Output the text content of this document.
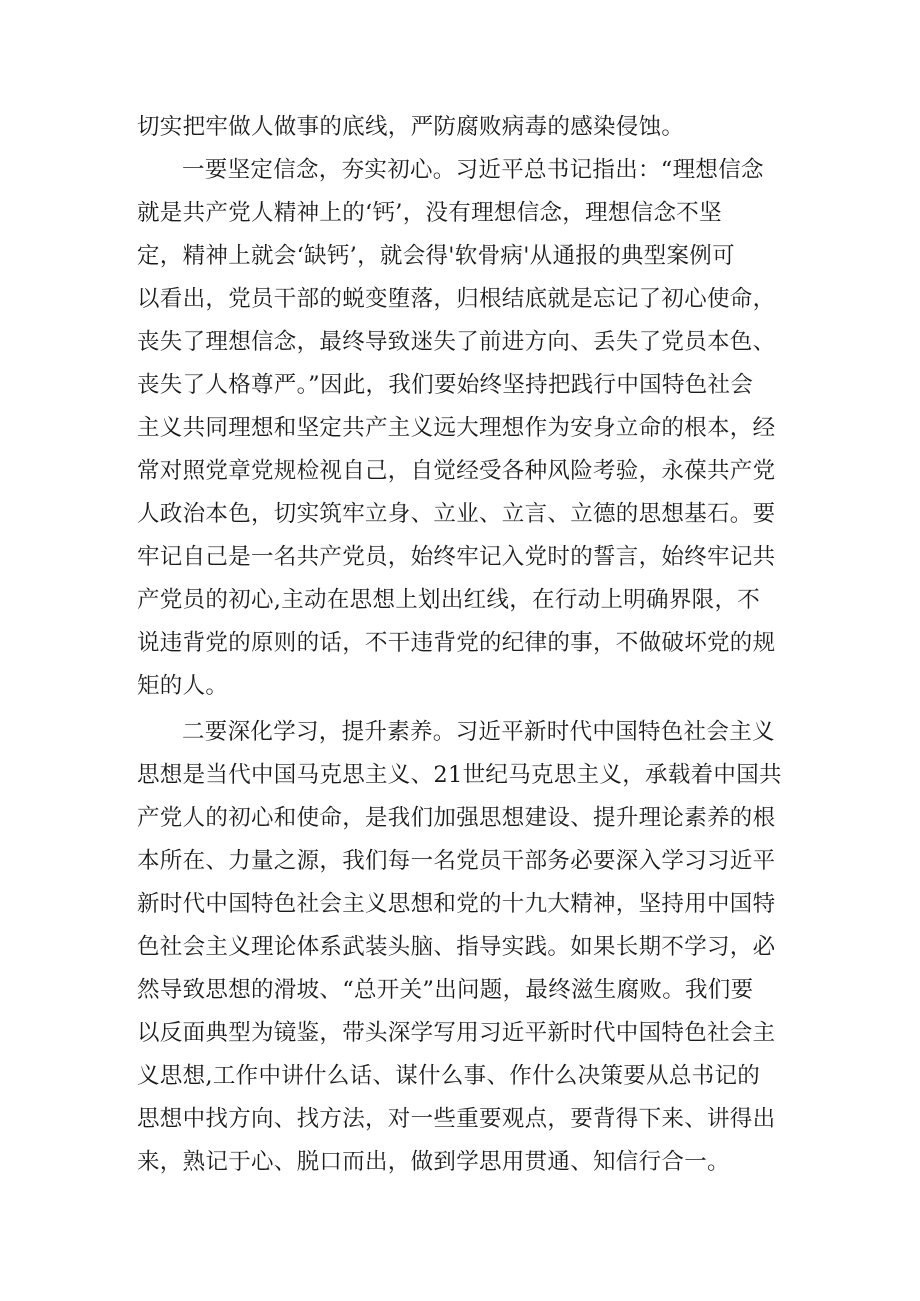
切实把牢做人做事的底线，严防腐败病毒的感染侵蚀。
一要坚定信念，夯实初心。习近平总书记指出：“理想信念
就是共产党人精神上的‘钙’，没有理想信念，理想信念不坚
定，精神上就会‘缺钙’，就会得'软骨病'从通报的典型案例可
以看出，党员干部的蜕变堕落，归根结底就是忘记了初心使命，
丧失了理想信念，最终导致迷失了前进方向、丢失了党员本色、
丧失了人格尊严。”因此，我们要始终坚持把践行中国特色社会
主义共同理想和坚定共产主义远大理想作为安身立命的根本，经
常对照党章党规检视自己，自觉经受各种风险考验，永葆共产党
人政治本色，切实筑牢立身、立业、立言、立德的思想基石。要
牢记自己是一名共产党员，始终牢记入党时的誓言，始终牢记共
产党员的初心,主动在思想上划出红线，在行动上明确界限，不
说违背党的原则的话，不干违背党的纪律的事，不做破坏党的规
矩的人。
二要深化学习，提升素养。习近平新时代中国特色社会主义
思想是当代中国马克思主义、21世纪马克思主义，承载着中国共
产党人的初心和使命，是我们加强思想建设、提升理论素养的根
本所在、力量之源，我们每一名党员干部务必要深入学习习近平
新时代中国特色社会主义思想和党的十九大精神，坚持用中国特
色社会主义理论体系武装头脑、指导实践。如果长期不学习，必
然导致思想的滑坡、“总开关”出问题，最终滋生腐败。我们要
以反面典型为镜鉴，带头深学写用习近平新时代中国特色社会主
义思想,工作中讲什么话、谋什么事、作什么决策要从总书记的
思想中找方向、找方法，对一些重要观点，要背得下来、讲得出
来，熟记于心、脱口而出，做到学思用贯通、知信行合一。
